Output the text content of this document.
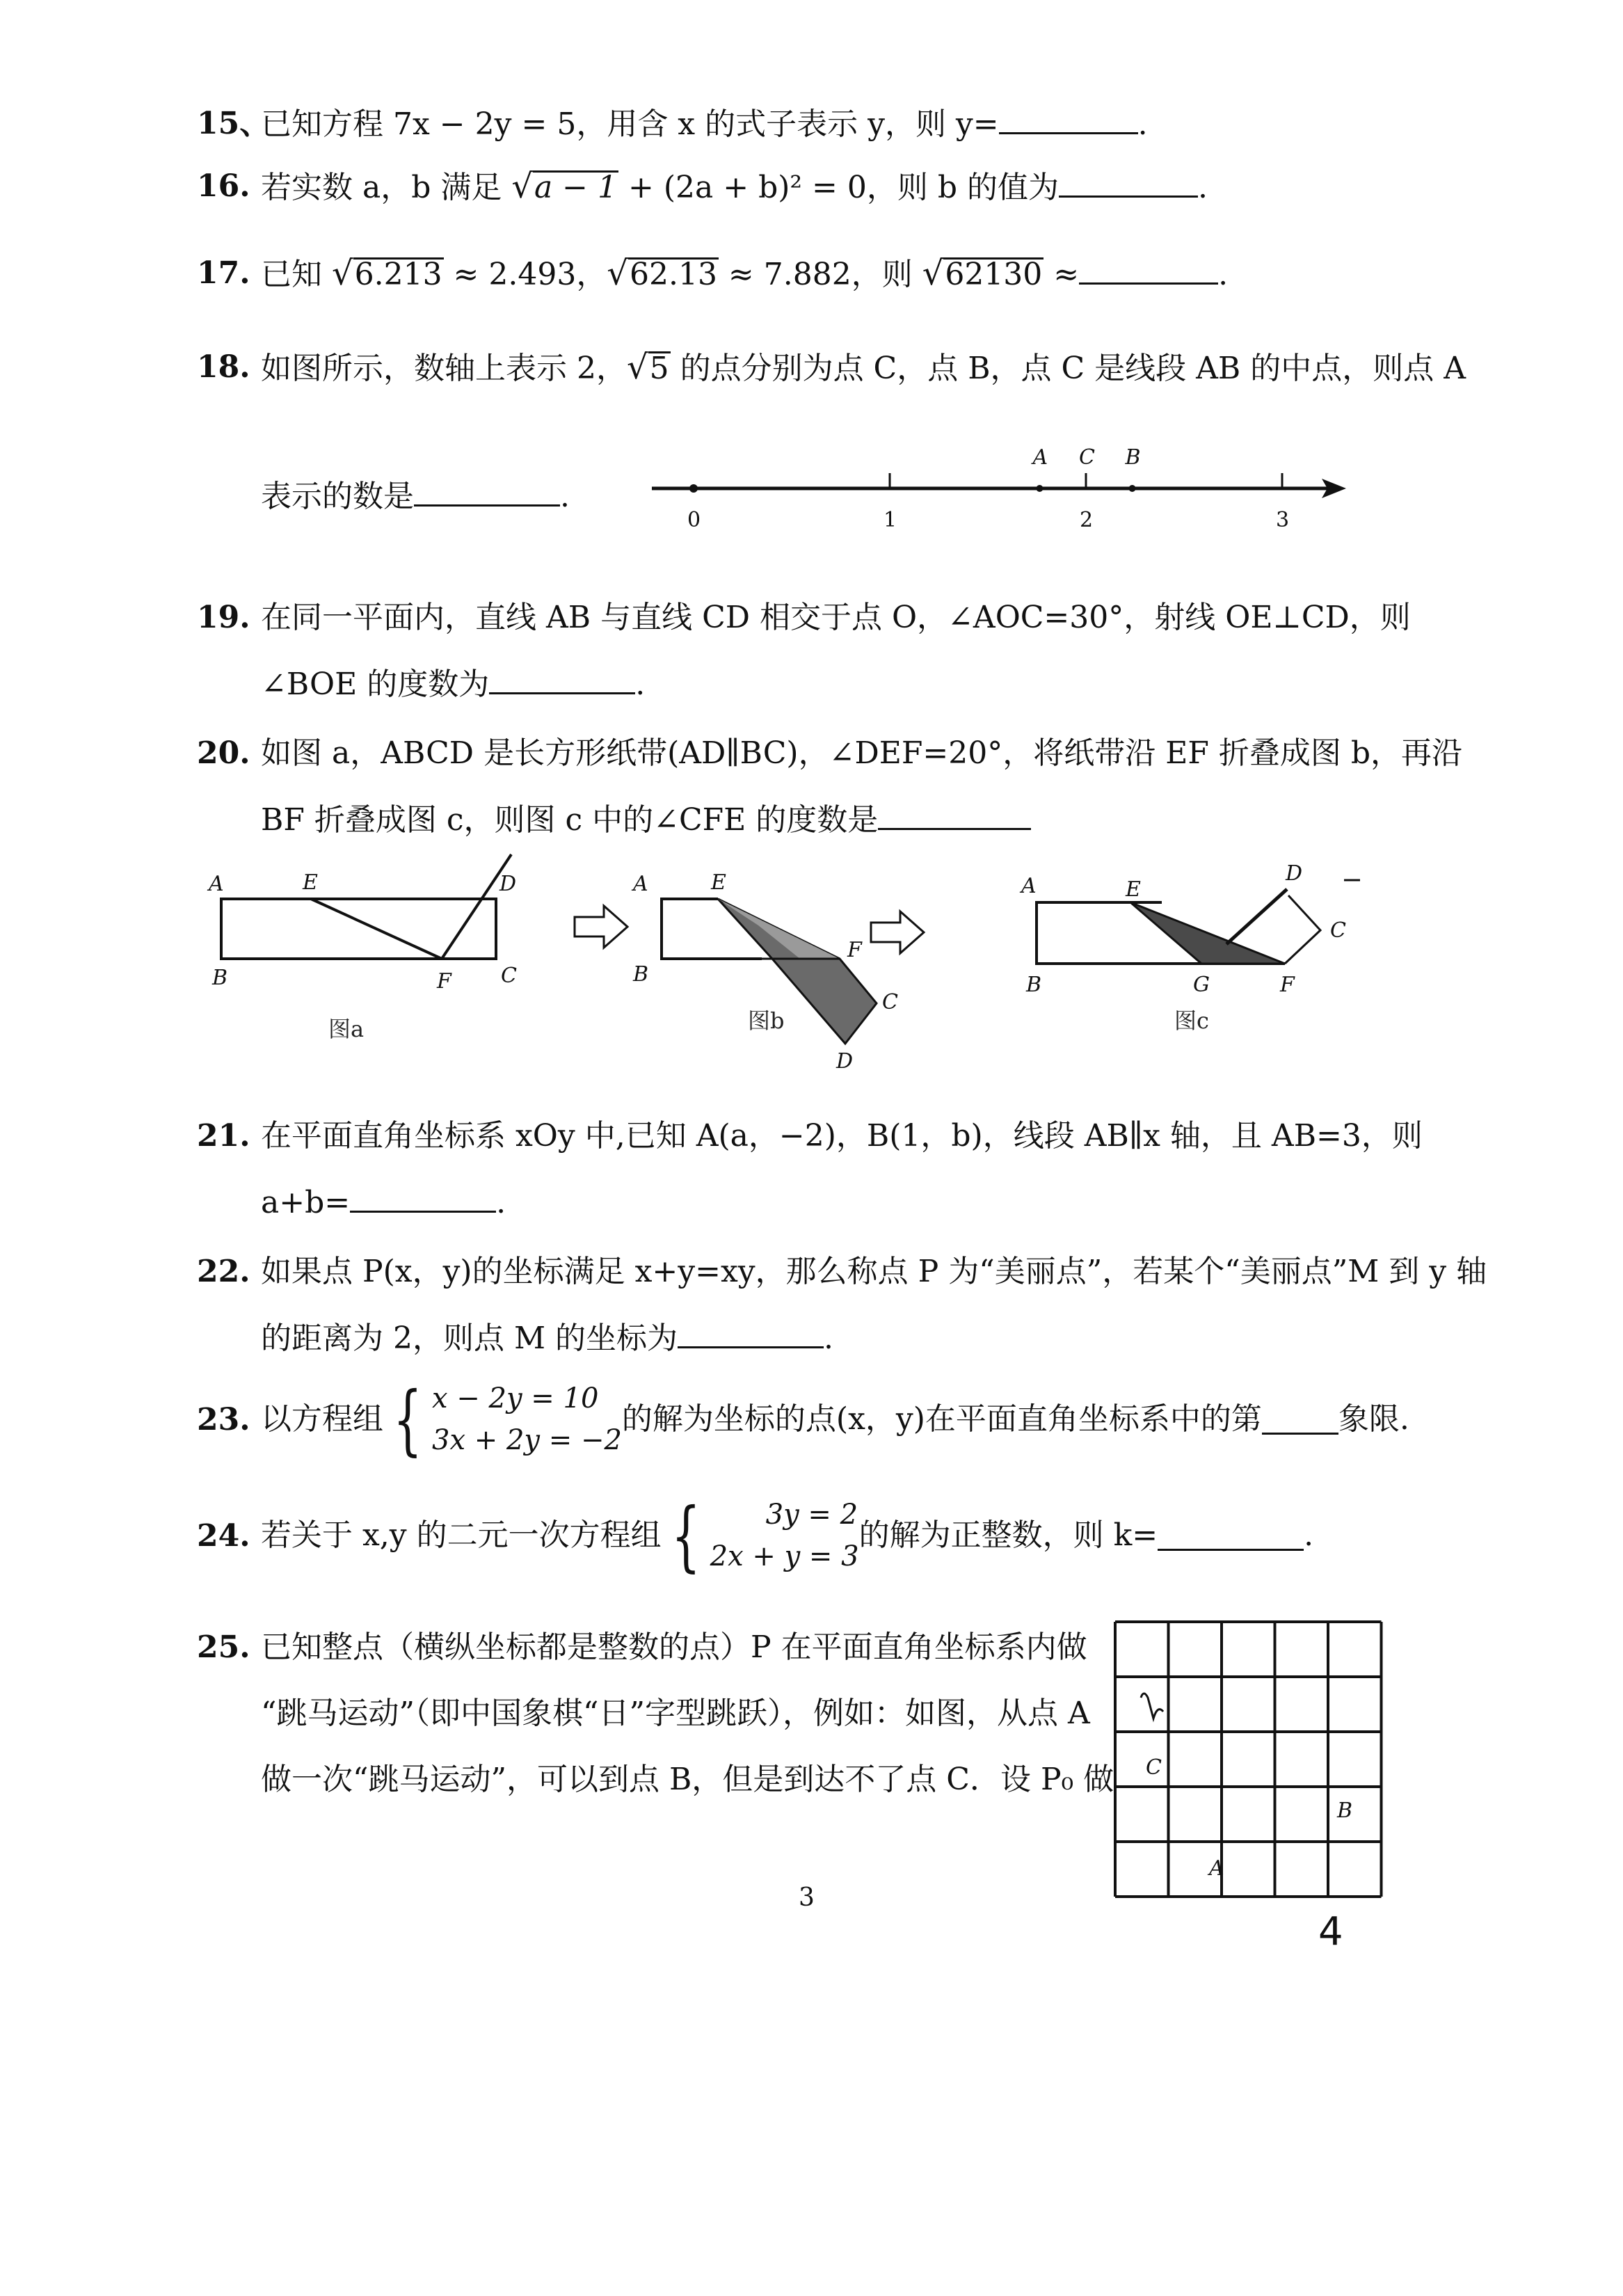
15、
已知方程 7x − 2y = 5，用含 x 的式子表示 y，则 y=	.
16. 若实数 a，b 满足 √a − 1 + (2a + b)² = 0，则 b 的值为	.
17. 已知 √6.213 ≈ 2.493，√62.13 ≈ 7.882，则 √62130 ≈	.
18. 如图所示，数轴上表示 2，√5 的点分别为点 C，点 B，点 C 是线段 AB 的中点，则点 A
表示的数是	.
0	1	2	3
A C B
19. 在同一平面内，直线 AB 与直线 CD 相交于点 O，∠AOC=30°，射线 OE⊥CD，则
∠BOE 的度数为	.
20. 如图 a，ABCD 是长方形纸带(AD∥BC)，∠DEF=20°，将纸带沿 EF 折叠成图 b，再沿
BF 折叠成图 c，则图 c 中的∠CFE 的度数是
A	E	D
B	F C
图a
A	E
B
F
C
D
图b
A	E
D
C
B	G	F
图c
21. 在平面直角坐标系 xOy 中,已知 A(a，−2)，B(1，b)，线段 AB∥x 轴，且 AB=3，则
a+b=	.
22. 如果点 P(x，y)的坐标满足 x+y=xy，那么称点 P 为“美丽点”，若某个“美丽点”M 到 y 轴
的距离为 2，则点 M 的坐标为	.
23. 以方程组 { x − 2y = 10
3x + 2y = −2
的解为坐标的点(x，y)在平面直角坐标系中的第	象限.
24. 若关于 x,y 的二元一次方程组 {	3y = 2
2x + y = 3
的解为正整数，则 k=	.
25. 已知整点（横纵坐标都是整数的点）P 在平面直角坐标系内做
“跳马运动”（即中国象棋“日”字型跳跃），例如：如图，从点 A
做一次“跳马运动”，可以到点 B，但是到达不了点 C．设 P₀ 做 C
B
A
4
3
